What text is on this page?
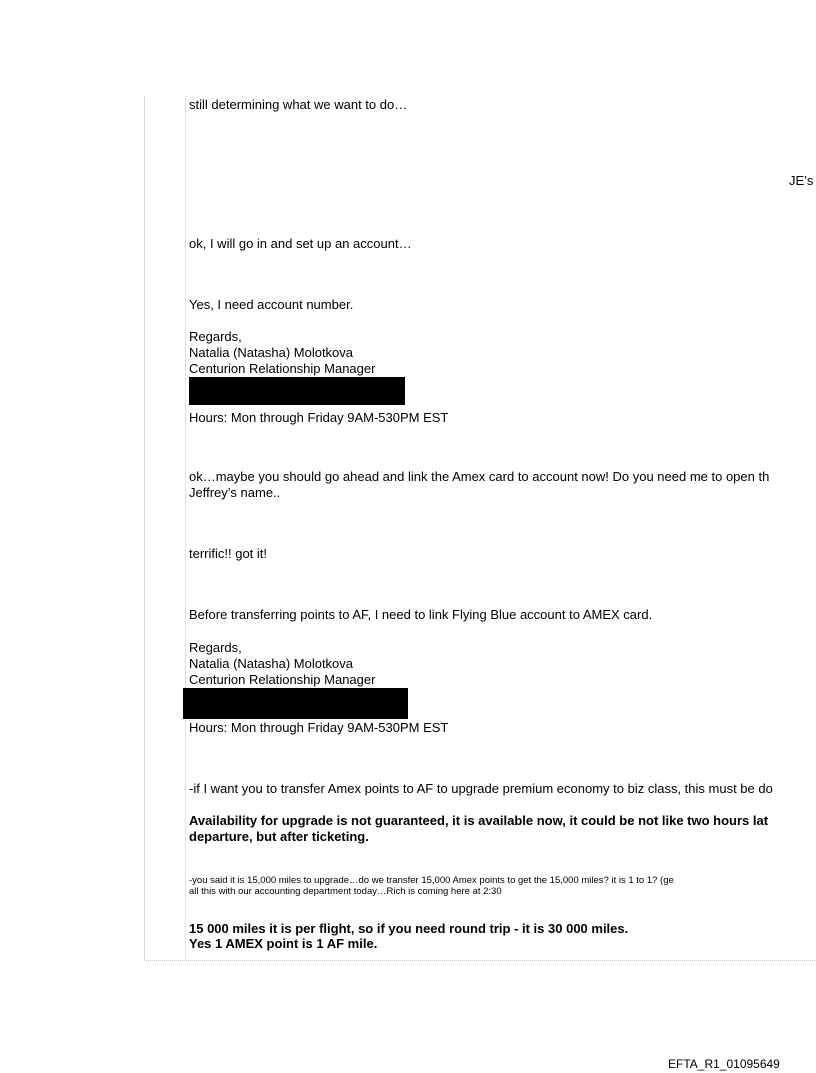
still determining what we want to do…

JE’s

ok, I will go in and set up an account…

Yes, I need account number.

Regards,

Natalia (Natasha) Molotkova

Centurion Relationship Manager

Hours: Mon through Friday 9AM-530PM EST

ok…maybe you should go ahead and link the Amex card to account now! Do you need me to open th

Jeffrey’s name..

terrific!! got it!

Before transferring points to AF, I need to link Flying Blue account to AMEX card.

Regards,

Natalia (Natasha) Molotkova

Centurion Relationship Manager

Hours: Mon through Friday 9AM-530PM EST

-if I want you to transfer Amex points to AF to upgrade premium economy to biz class, this must be do

Availability for upgrade is not guaranteed, it is available now, it could be not like two hours lat

departure, but after ticketing.

-you said it is 15,000 miles to upgrade…do we transfer 15,000 Amex points to get the 15,000 miles? it is 1 to 1? (ge

all this with our accounting department today…Rich is coming here at 2:30

15 000 miles it is per flight, so if you need round trip - it is 30 000 miles.

Yes 1 AMEX point is 1 AF mile.

EFTA_R1_01095649
